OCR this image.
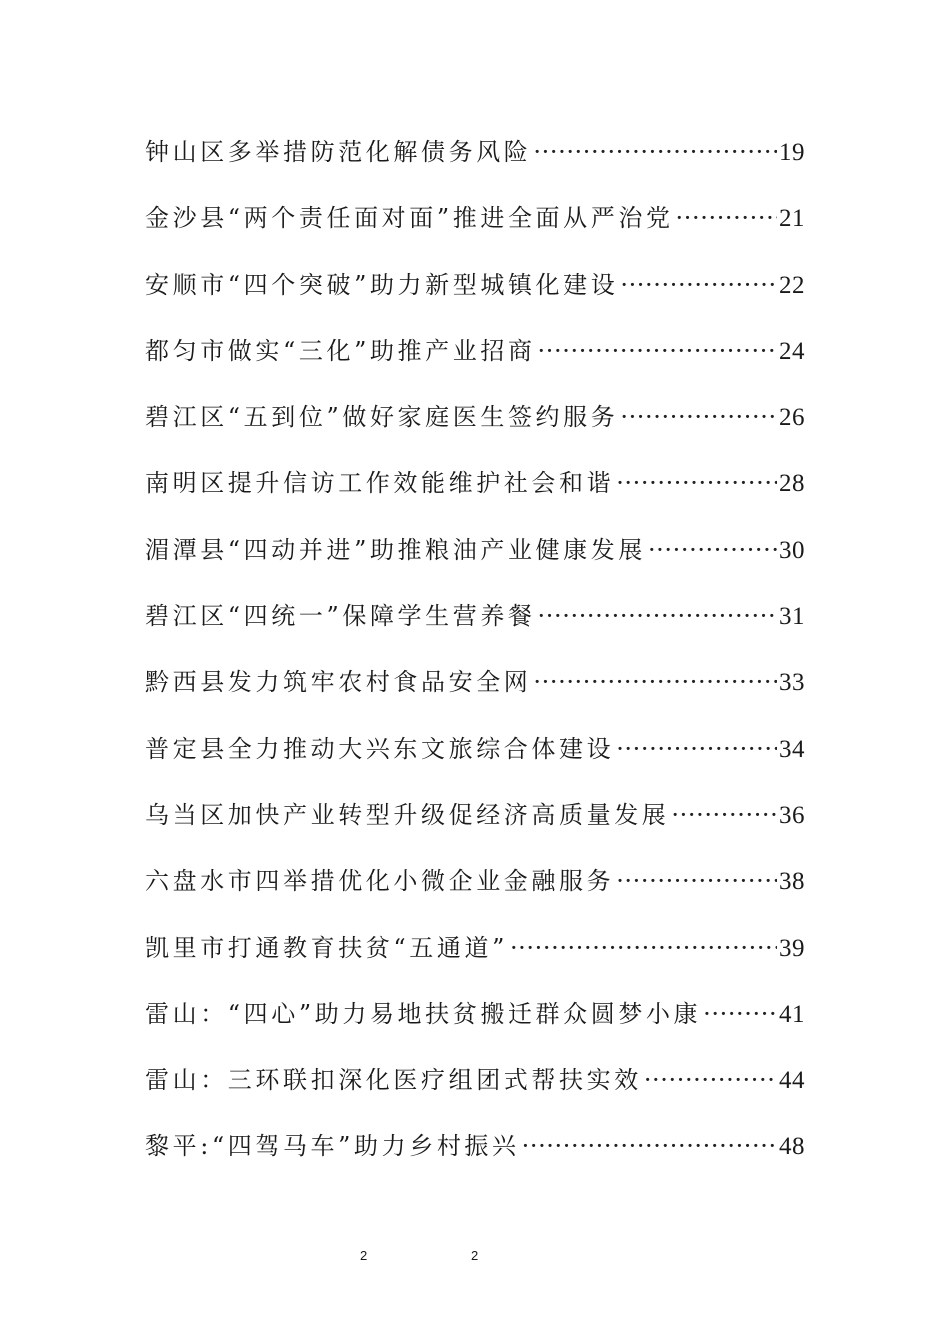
钟山区多举措防范化解债务风险 ·····	19
金沙县“两个责任面对面”推进全面从严治党 ·····	21
安顺市“四个突破”助力新型城镇化建设 ·····	22
都匀市做实“三化”助推产业招商 ·····	24
碧江区“五到位”做好家庭医生签约服务 ·····	26
南明区提升信访工作效能维护社会和谐 ·····	28
湄潭县“四动并进”助推粮油产业健康发展 ·····	30
碧江区“四统一”保障学生营养餐 ·····	31
黔西县发力筑牢农村食品安全网 ·····	33
普定县全力推动大兴东文旅综合体建设 ·····	34
乌当区加快产业转型升级促经济高质量发展 ·····	36
六盘水市四举措优化小微企业金融服务 ·····	38
凯里市打通教育扶贫“五通道” ·····	39
雷山：“四心”助力易地扶贫搬迁群众圆梦小康 ·····	41
雷山：三环联扣深化医疗组团式帮扶实效 ·····	44
黎平:“四驾马车”助力乡村振兴 ·····	48
2	2
